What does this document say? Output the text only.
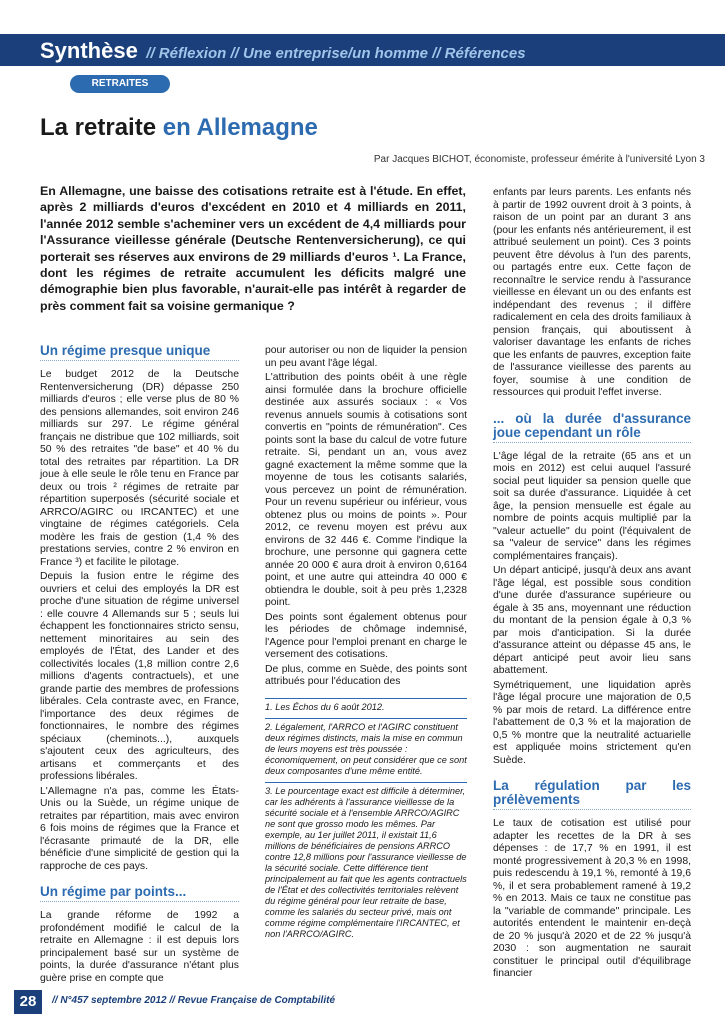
Synthèse // Réflexion // Une entreprise/un homme // Références
RETRAITES
La retraite en Allemagne
Par Jacques BICHOT, économiste, professeur émérite à l'université Lyon 3
En Allemagne, une baisse des cotisations retraite est à l'étude. En effet, après 2 milliards d'euros d'excédent en 2010 et 4 milliards en 2011, l'année 2012 semble s'acheminer vers un excédent de 4,4 milliards pour l'Assurance vieillesse générale (Deutsche Rentenversicherung), ce qui porterait ses réserves aux environs de 29 milliards d'euros ¹. La France, dont les régimes de retraite accumulent les déficits malgré une démographie bien plus favorable, n'aurait-elle pas intérêt à regarder de près comment fait sa voisine germanique ?
Un régime presque unique

Le budget 2012 de la Deutsche Rentenversicherung (DR) dépasse 250 milliards d'euros ; elle verse plus de 80 % des pensions allemandes, soit environ 246 milliards sur 297. Le régime général français ne distribue que 102 milliards, soit 50 % des retraites "de base" et 40 % du total des retraites par répartition. La DR joue à elle seule le rôle tenu en France par deux ou trois ² régimes de retraite par répartition superposés (sécurité sociale et ARRCO/AGIRC ou IRCANTEC) et une vingtaine de régimes catégoriels. Cela modère les frais de gestion (1,4 % des prestations servies, contre 2 % environ en France ³) et facilite le pilotage.

Depuis la fusion entre le régime des ouvriers et celui des employés la DR est proche d'une situation de régime universel : elle couvre 4 Allemands sur 5 ; seuls lui échappent les fonctionnaires stricto sensu, nettement minoritaires au sein des employés de l'État, des Lander et des collectivités locales (1,8 million contre 2,6 millions d'agents contractuels), et une grande partie des membres de professions libérales. Cela contraste avec, en France, l'importance des deux régimes de fonctionnaires, le nombre des régimes spéciaux (cheminots...), auxquels s'ajoutent ceux des agriculteurs, des artisans et commerçants et des professions libérales.

L'Allemagne n'a pas, comme les États-Unis ou la Suède, un régime unique de retraites par répartition, mais avec environ 6 fois moins de régimes que la France et l'écrasante primauté de la DR, elle bénéficie d'une simplicité de gestion qui la rapproche de ces pays.

Un régime par points...

La grande réforme de 1992 a profondément modifié le calcul de la retraite en Allemagne : il est depuis lors principalement basé sur un système de points, la durée d'assurance n'étant plus guère prise en compte que

pour autoriser ou non de liquider la pension un peu avant l'âge légal.

L'attribution des points obéit à une règle ainsi formulée dans la brochure officielle destinée aux assurés sociaux : « Vos revenus annuels soumis à cotisations sont convertis en "points de rémunération". Ces points sont la base du calcul de votre future retraite. Si, pendant un an, vous avez gagné exactement la même somme que la moyenne de tous les cotisants salariés, vous percevez un point de rémunération. Pour un revenu supérieur ou inférieur, vous obtenez plus ou moins de points ». Pour 2012, ce revenu moyen est prévu aux environs de 32 446 €. Comme l'indique la brochure, une personne qui gagnera cette année 20 000 € aura droit à environ 0,6164 point, et une autre qui atteindra 40 000 € obtiendra le double, soit à peu près 1,2328 point.

Des points sont également obtenus pour les périodes de chômage indemnisé, l'Agence pour l'emploi prenant en charge le versement des cotisations.

De plus, comme en Suède, des points sont attribués pour l'éducation des

1. Les Échos du 6 août 2012.

2. Légalement, l'ARRCO et l'AGIRC constituent deux régimes distincts, mais la mise en commun de leurs moyens est très poussée : économiquement, on peut considérer que ce sont deux composantes d'une même entité.

3. Le pourcentage exact est difficile à déterminer, car les adhérents à l'assurance vieillesse de la sécurité sociale et à l'ensemble ARRCO/AGIRC ne sont que grosso modo les mêmes. Par exemple, au 1er juillet 2011, il existait 11,6 millions de bénéficiaires de pensions ARRCO contre 12,8 millions pour l'assurance vieillesse de la sécurité sociale. Cette différence tient principalement au fait que les agents contractuels de l'État et des collectivités territoriales relèvent du régime général pour leur retraite de base, comme les salariés du secteur privé, mais ont comme régime complémentaire l'IRCANTEC, et non l'ARRCO/AGIRC.

enfants par leurs parents. Les enfants nés à partir de 1992 ouvrent droit à 3 points, à raison de un point par an durant 3 ans (pour les enfants nés antérieurement, il est attribué seulement un point). Ces 3 points peuvent être dévolus à l'un des parents, ou partagés entre eux. Cette façon de reconnaître le service rendu à l'assurance vieillesse en élevant un ou des enfants est indépendant des revenus ; il diffère radicalement en cela des droits familiaux à pension français, qui aboutissent à valoriser davantage les enfants de riches que les enfants de pauvres, exception faite de l'assurance vieillesse des parents au foyer, soumise à une condition de ressources qui produit l'effet inverse.

... où la durée d'assurance joue cependant un rôle

L'âge légal de la retraite (65 ans et un mois en 2012) est celui auquel l'assuré social peut liquider sa pension quelle que soit sa durée d'assurance. Liquidée à cet âge, la pension mensuelle est égale au nombre de points acquis multiplié par la "valeur actuelle" du point (l'équivalent de sa "valeur de service" dans les régimes complémentaires français).

Un départ anticipé, jusqu'à deux ans avant l'âge légal, est possible sous condition d'une durée d'assurance supérieure ou égale à 35 ans, moyennant une réduction du montant de la pension égale à 0,3 % par mois d'anticipation. Si la durée d'assurance atteint ou dépasse 45 ans, le départ anticipé peut avoir lieu sans abattement.

Symétriquement, une liquidation après l'âge légal procure une majoration de 0,5 % par mois de retard. La différence entre l'abattement de 0,3 % et la majoration de 0,5 % montre que la neutralité actuarielle est appliquée moins strictement qu'en Suède.

La régulation par les prélèvements

Le taux de cotisation est utilisé pour adapter les recettes de la DR à ses dépenses : de 17,7 % en 1991, il est monté progressivement à 20,3 % en 1998, puis redescendu à 19,1 %, remonté à 19,6 %, il et sera probablement ramené à 19,2 % en 2013. Mais ce taux ne constitue pas la "variable de commande" principale. Les autorités entendent le maintenir en-deçà de 20 % jusqu'à 2020 et de 22 % jusqu'à 2030 : son augmentation ne saurait constituer le principal outil d'équilibrage financier

28	// N°457 septembre 2012 // Revue Française de Comptabilité
